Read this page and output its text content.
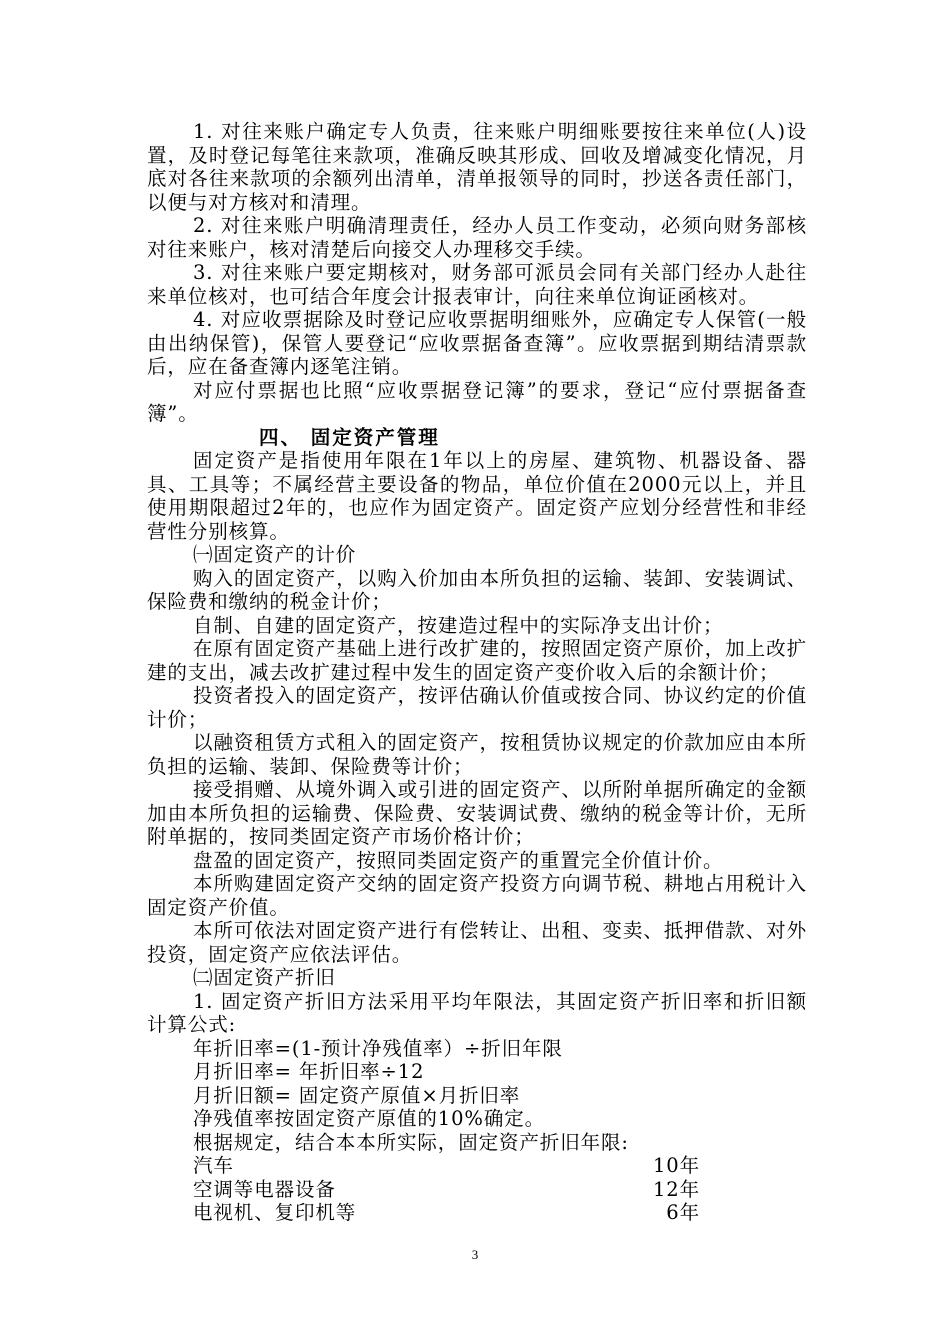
1. 对往来账户确定专人负责，往来账户明细账要按往来单位(人)设置，及时登记每笔往来款项，准确反映其形成、回收及增减变化情况，月底对各往来款项的余额列出清单，清单报领导的同时，抄送各责任部门，以便与对方核对和清理。

2. 对往来账户明确清理责任，经办人员工作变动，必须向财务部核对往来账户，核对清楚后向接交人办理移交手续。

3. 对往来账户要定期核对，财务部可派员会同有关部门经办人赴往来单位核对，也可结合年度会计报表审计，向往来单位询证函核对。

4. 对应收票据除及时登记应收票据明细账外，应确定专人保管(一般由出纳保管)，保管人要登记“应收票据备查簿”。应收票据到期结清票款后，应在备查簿内逐笔注销。

对应付票据也比照“应收票据登记簿”的要求，登记“应付票据备查簿”。

四、 固定资产管理

固定资产是指使用年限在1年以上的房屋、建筑物、机器设备、器具、工具等；不属经营主要设备的物品，单位价值在2000元以上，并且使用期限超过2年的，也应作为固定资产。固定资产应划分经营性和非经营性分别核算。

㈠固定资产的计价

购入的固定资产，以购入价加由本所负担的运输、装卸、安装调试、保险费和缴纳的税金计价；

自制、自建的固定资产，按建造过程中的实际净支出计价；

在原有固定资产基础上进行改扩建的，按照固定资产原价，加上改扩建的支出，减去改扩建过程中发生的固定资产变价收入后的余额计价；

投资者投入的固定资产，按评估确认价值或按合同、协议约定的价值计价；

以融资租赁方式租入的固定资产，按租赁协议规定的价款加应由本所负担的运输、装卸、保险费等计价；

接受捐赠、从境外调入或引进的固定资产、以所附单据所确定的金额加由本所负担的运输费、保险费、安装调试费、缴纳的税金等计价，无所附单据的，按同类固定资产市场价格计价；

盘盈的固定资产，按照同类固定资产的重置完全价值计价。

本所购建固定资产交纳的固定资产投资方向调节税、耕地占用税计入固定资产价值。

本所可依法对固定资产进行有偿转让、出租、变卖、抵押借款、对外投资，固定资产应依法评估。

㈡固定资产折旧

1. 固定资产折旧方法采用平均年限法，其固定资产折旧率和折旧额计算公式:

年折旧率=(1-预计净残值率）÷折旧年限

月折旧率= 年折旧率÷12

月折旧额= 固定资产原值×月折旧率

净残值率按固定资产原值的10%确定。

根据规定，结合本本所实际，固定资产折旧年限:

汽车	10年
空调等电器设备	12年
电视机、复印机等	6年
3
